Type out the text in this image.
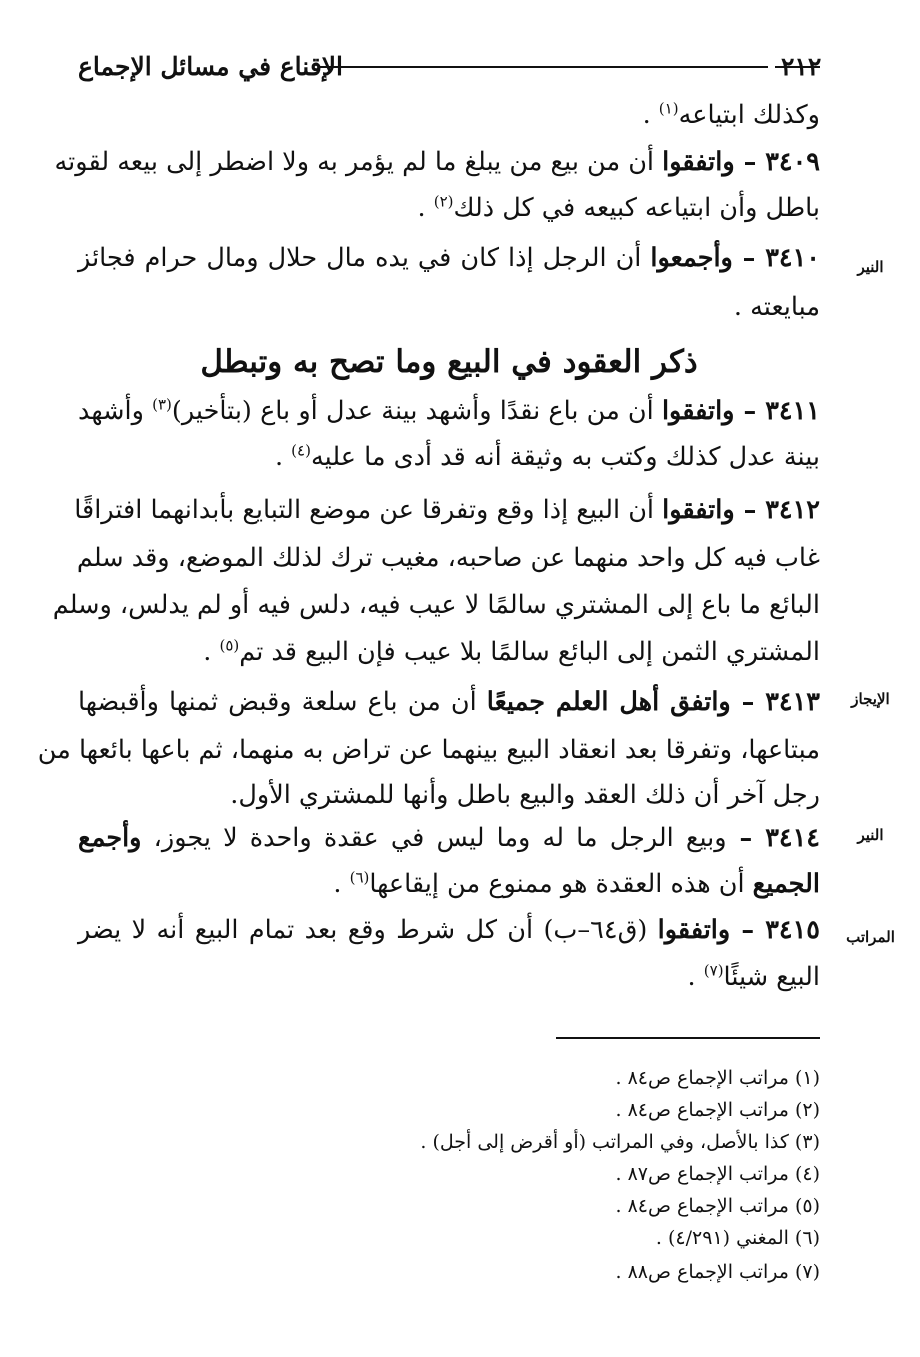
الإقناع في مسائل الإجماع	٢١٢
وكذلك ابتياعه$^{(١)}$ .
٣٤٠٩ – واتفقوا أن من بيع من يبلغ ما لم يؤمر به ولا اضطر إلى بيعه لقوته
باطل وأن ابتياعه كبيعه في كل ذلك$^{(٢)}$ .
٣٤١٠ – وأجمعوا أن الرجل إذا كان في يده مال حلال ومال حرام فجائز
مبايعته .
النير
ذكر العقود في البيع وما تصح به وتبطل
٣٤١١ – واتفقوا أن من باع نقدًا وأشهد بينة عدل أو باع (بتأخير)$^{(٣)}$ وأشهد
بينة عدل كذلك وكتب به وثيقة أنه قد أدى ما عليه$^{(٤)}$ .
٣٤١٢ – واتفقوا أن البيع إذا وقع وتفرقا عن موضع التبايع بأبدانهما افتراقًا
غاب فيه كل واحد منهما عن صاحبه، مغيب ترك لذلك الموضع، وقد سلم
البائع ما باع إلى المشتري سالمًا لا عيب فيه، دلس فيه أو لم يدلس، وسلم
المشتري الثمن إلى البائع سالمًا بلا عيب فإن البيع قد تم$^{(٥)}$ .
٣٤١٣ – واتفق أهل العلم جميعًا أن من باع سلعة وقبض ثمنها وأقبضها
مبتاعها، وتفرقا بعد انعقاد البيع بينهما عن تراض به منهما، ثم باعها بائعها من
رجل آخر أن ذلك العقد والبيع باطل وأنها للمشتري الأول.
الإيجاز
٣٤١٤ – وبيع الرجل ما له وما ليس في عقدة واحدة لا يجوز، وأجمع
الجميع أن هذه العقدة هو ممنوع من إيقاعها$^{(٦)}$ .
النير
٣٤١٥ – واتفقوا (ق٦٤–ب) أن كل شرط وقع بعد تمام البيع أنه لا يضر
البيع شيئًا$^{(٧)}$ .
المراتب
(١) مراتب الإجماع ص٨٤ .
(٢) مراتب الإجماع ص٨٤ .
(٣) كذا بالأصل، وفي المراتب (أو أقرض إلى أجل) .
(٤) مراتب الإجماع ص٨٧ .
(٥) مراتب الإجماع ص٨٤ .
(٦) المغني (٤/٢٩١) .
(٧) مراتب الإجماع ص٨٨ .
